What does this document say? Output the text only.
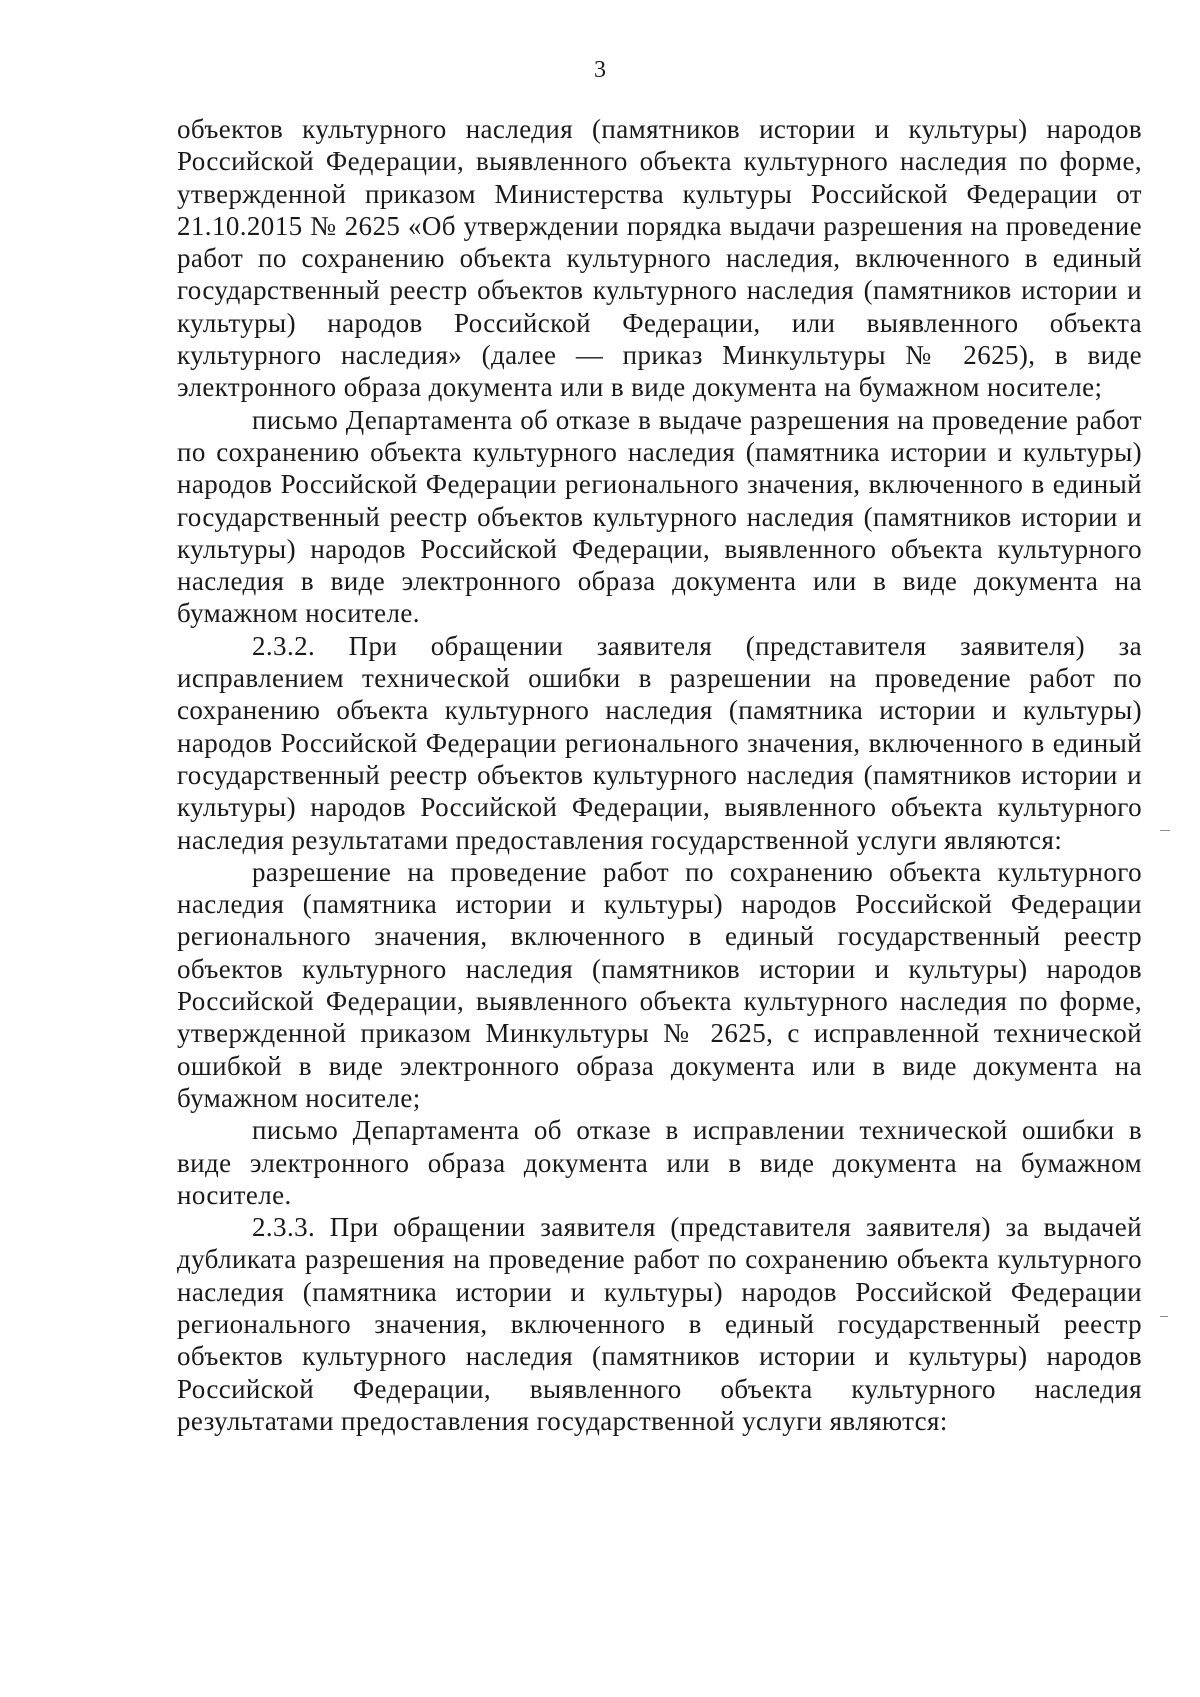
3

объектов культурного наследия (памятников истории и культуры) народов Российской Федерации, выявленного объекта культурного наследия по форме, утвержденной приказом Министерства культуры Российской Федерации от 21.10.2015 № 2625 «Об утверждении порядка выдачи разрешения на проведение работ по сохранению объекта культурного наследия, включенного в единый государственный реестр объектов культурного наследия (памятников истории и культуры) народов Российской Федерации, или выявленного объекта культурного наследия» (далее — приказ Минкультуры № 2625), в виде электронного образа документа или в виде документа на бумажном носителе;

письмо Департамента об отказе в выдаче разрешения на проведение работ по сохранению объекта культурного наследия (памятника истории и культуры) народов Российской Федерации регионального значения, включенного в единый государственный реестр объектов культурного наследия (памятников истории и культуры) народов Российской Федерации, выявленного объекта культурного наследия в виде электронного образа документа или в виде документа на бумажном носителе.

2.3.2. При обращении заявителя (представителя заявителя) за исправлением технической ошибки в разрешении на проведение работ по сохранению объекта культурного наследия (памятника истории и культуры) народов Российской Федерации регионального значения, включенного в единый государственный реестр объектов культурного наследия (памятников истории и культуры) народов Российской Федерации, выявленного объекта культурного наследия результатами предоставления государственной услуги являются:

разрешение на проведение работ по сохранению объекта культурного наследия (памятника истории и культуры) народов Российской Федерации регионального значения, включенного в единый государственный реестр объектов культурного наследия (памятников истории и культуры) народов Российской Федерации, выявленного объекта культурного наследия по форме, утвержденной приказом Минкультуры № 2625, с исправленной технической ошибкой в виде электронного образа документа или в виде документа на бумажном носителе;

письмо Департамента об отказе в исправлении технической ошибки в виде электронного образа документа или в виде документа на бумажном носителе.

2.3.3. При обращении заявителя (представителя заявителя) за выдачей дубликата разрешения на проведение работ по сохранению объекта культурного наследия (памятника истории и культуры) народов Российской Федерации регионального значения, включенного в единый государственный реестр объектов культурного наследия (памятников истории и культуры) народов Российской Федерации, выявленного объекта культурного наследия результатами предоставления государственной услуги являются:
